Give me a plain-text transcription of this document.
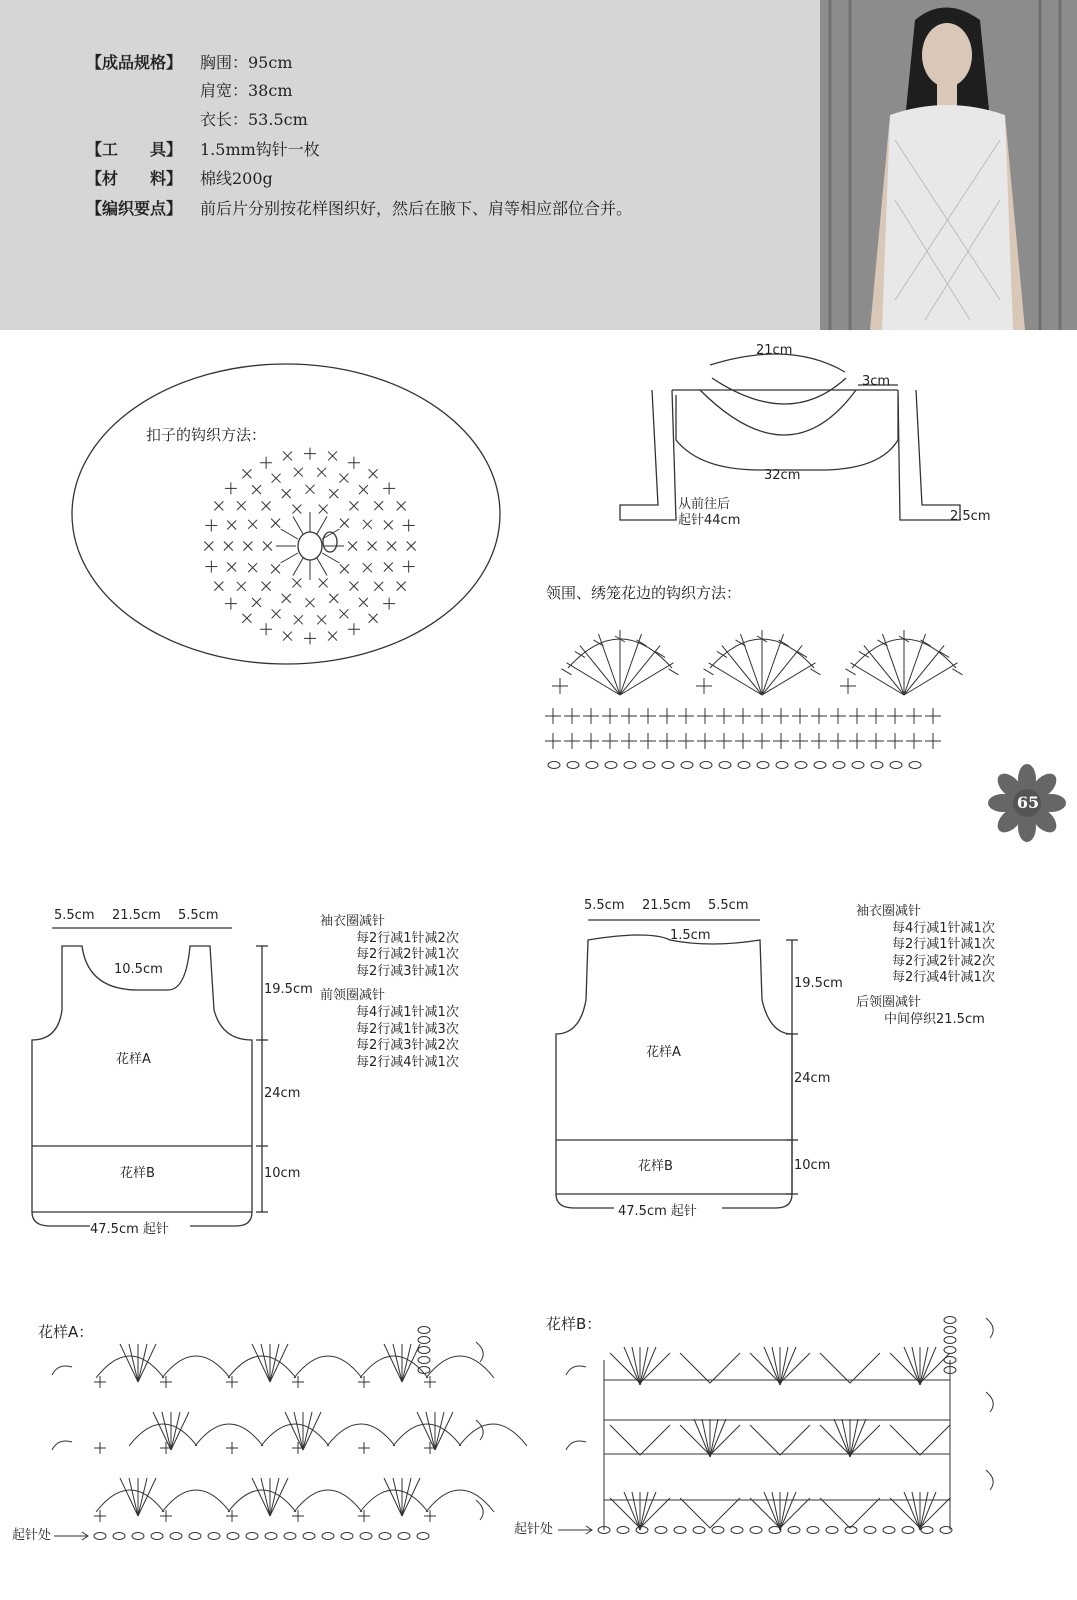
【成品规格】 胸围：95cm
肩宽：38cm
衣长：53.5cm
【工　　具】 1.5mm钩针一枚
【材　　料】 棉线200g
【编织要点】 前后片分别按花样图织好，然后在腋下、肩等相应部位合并。
扣子的钩织方法：
21cm
3cm
32cm
从前往后
起针44cm	2.5cm
领围、绣笼花边的钩织方法：
65
5.5cm 21.5cm 5.5cm
10.5cm
19.5cm
24cm
10cm
花样A
花样B
47.5cm 起针
袖衣圈减针
每2行减1针减2次
每2行减2针减1次
每2行减3针减1次
前领圈减针
每4行减1针减1次
每2行减1针减3次
每2行减3针减2次
每2行减4针减1次
5.5cm 21.5cm 5.5cm
1.5cm
19.5cm
24cm
10cm
花样A
花样B
47.5cm 起针
袖衣圈减针
每4行减1针减1次
每2行减1针减1次
每2行减2针减2次
每2行减4针减1次
后领圈减针
中间停织21.5cm
花样A：
起针处
花样B：
起针处
